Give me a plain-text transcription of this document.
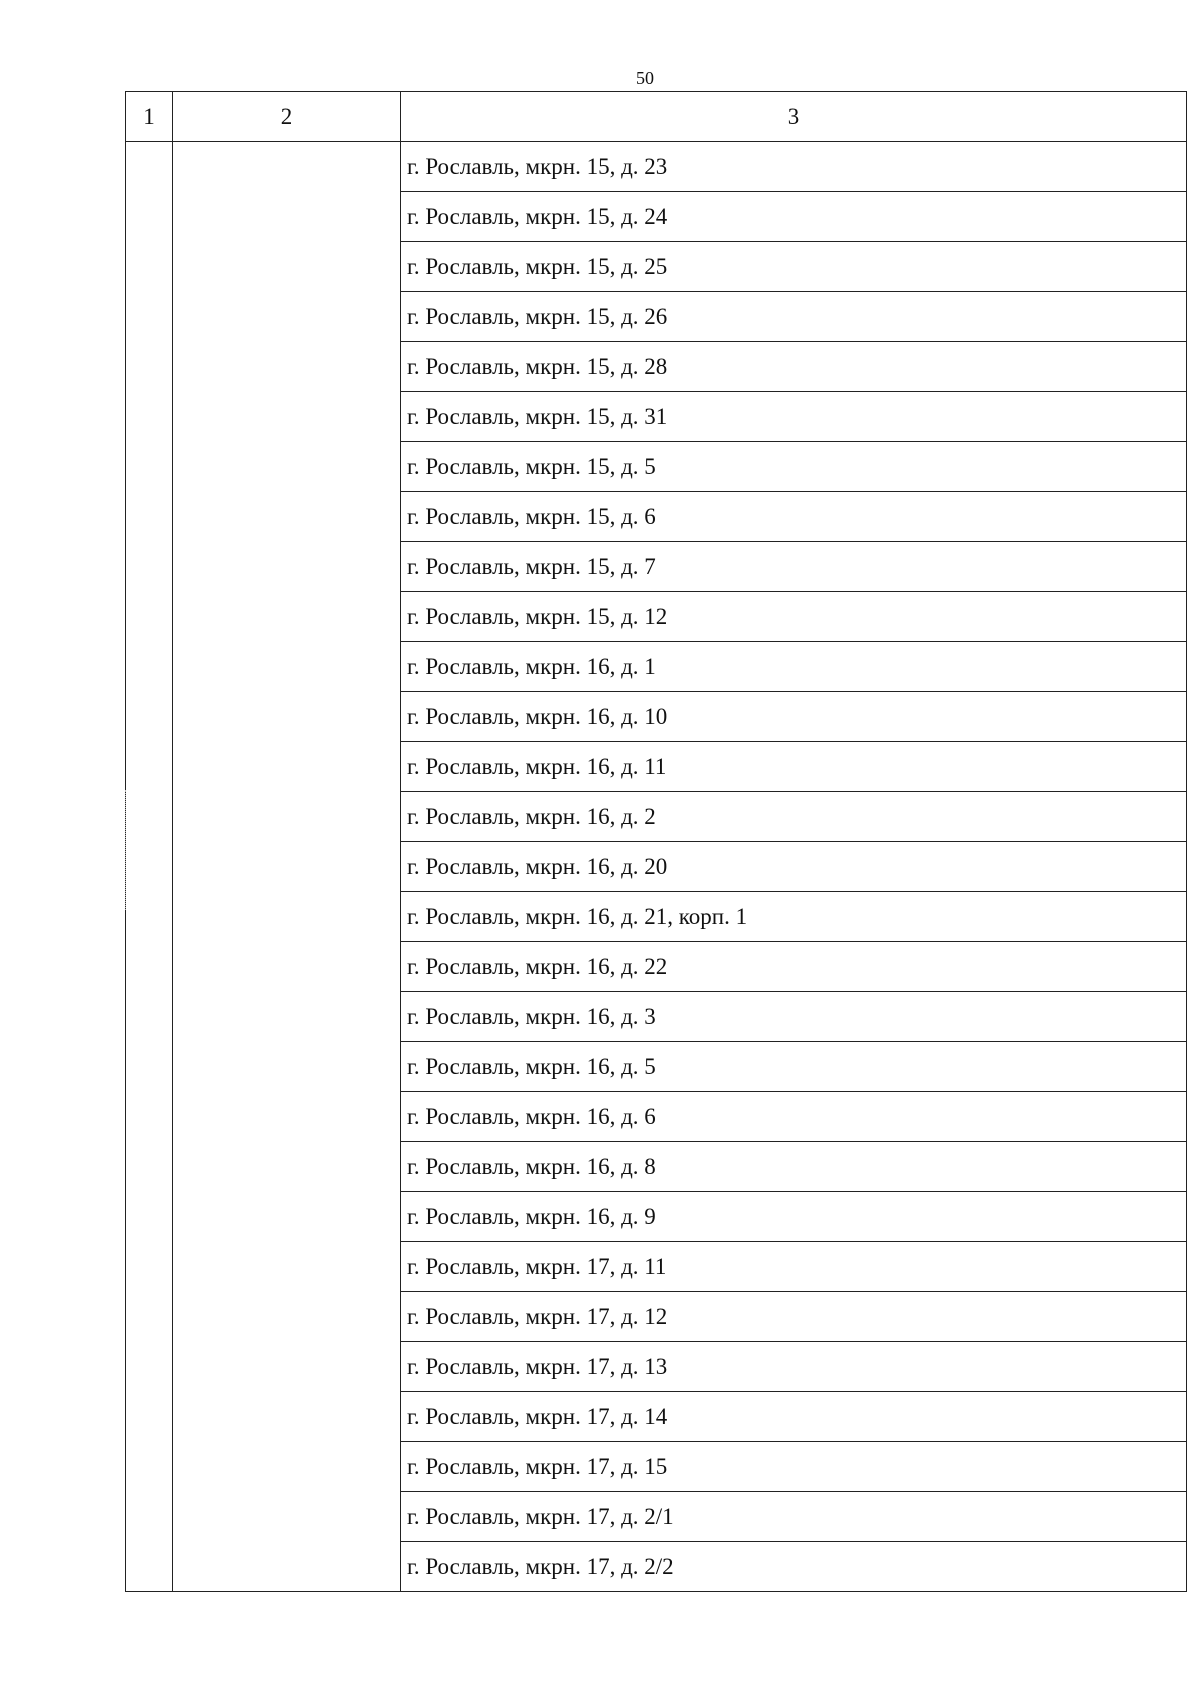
50
1	2	3
		г. Рославль, мкрн. 15, д. 23
		г. Рославль, мкрн. 15, д. 24
		г. Рославль, мкрн. 15, д. 25
		г. Рославль, мкрн. 15, д. 26
		г. Рославль, мкрн. 15, д. 28
		г. Рославль, мкрн. 15, д. 31
		г. Рославль, мкрн. 15, д. 5
		г. Рославль, мкрн. 15, д. 6
		г. Рославль, мкрн. 15, д. 7
		г. Рославль, мкрн. 15, д. 12
		г. Рославль, мкрн. 16, д. 1
		г. Рославль, мкрн. 16, д. 10
		г. Рославль, мкрн. 16, д. 11
		г. Рославль, мкрн. 16, д. 2
		г. Рославль, мкрн. 16, д. 20
		г. Рославль, мкрн. 16, д. 21, корп. 1
		г. Рославль, мкрн. 16, д. 22
		г. Рославль, мкрн. 16, д. 3
		г. Рославль, мкрн. 16, д. 5
		г. Рославль, мкрн. 16, д. 6
		г. Рославль, мкрн. 16, д. 8
		г. Рославль, мкрн. 16, д. 9
		г. Рославль, мкрн. 17, д. 11
		г. Рославль, мкрн. 17, д. 12
		г. Рославль, мкрн. 17, д. 13
		г. Рославль, мкрн. 17, д. 14
		г. Рославль, мкрн. 17, д. 15
		г. Рославль, мкрн. 17, д. 2/1
		г. Рославль, мкрн. 17, д. 2/2
